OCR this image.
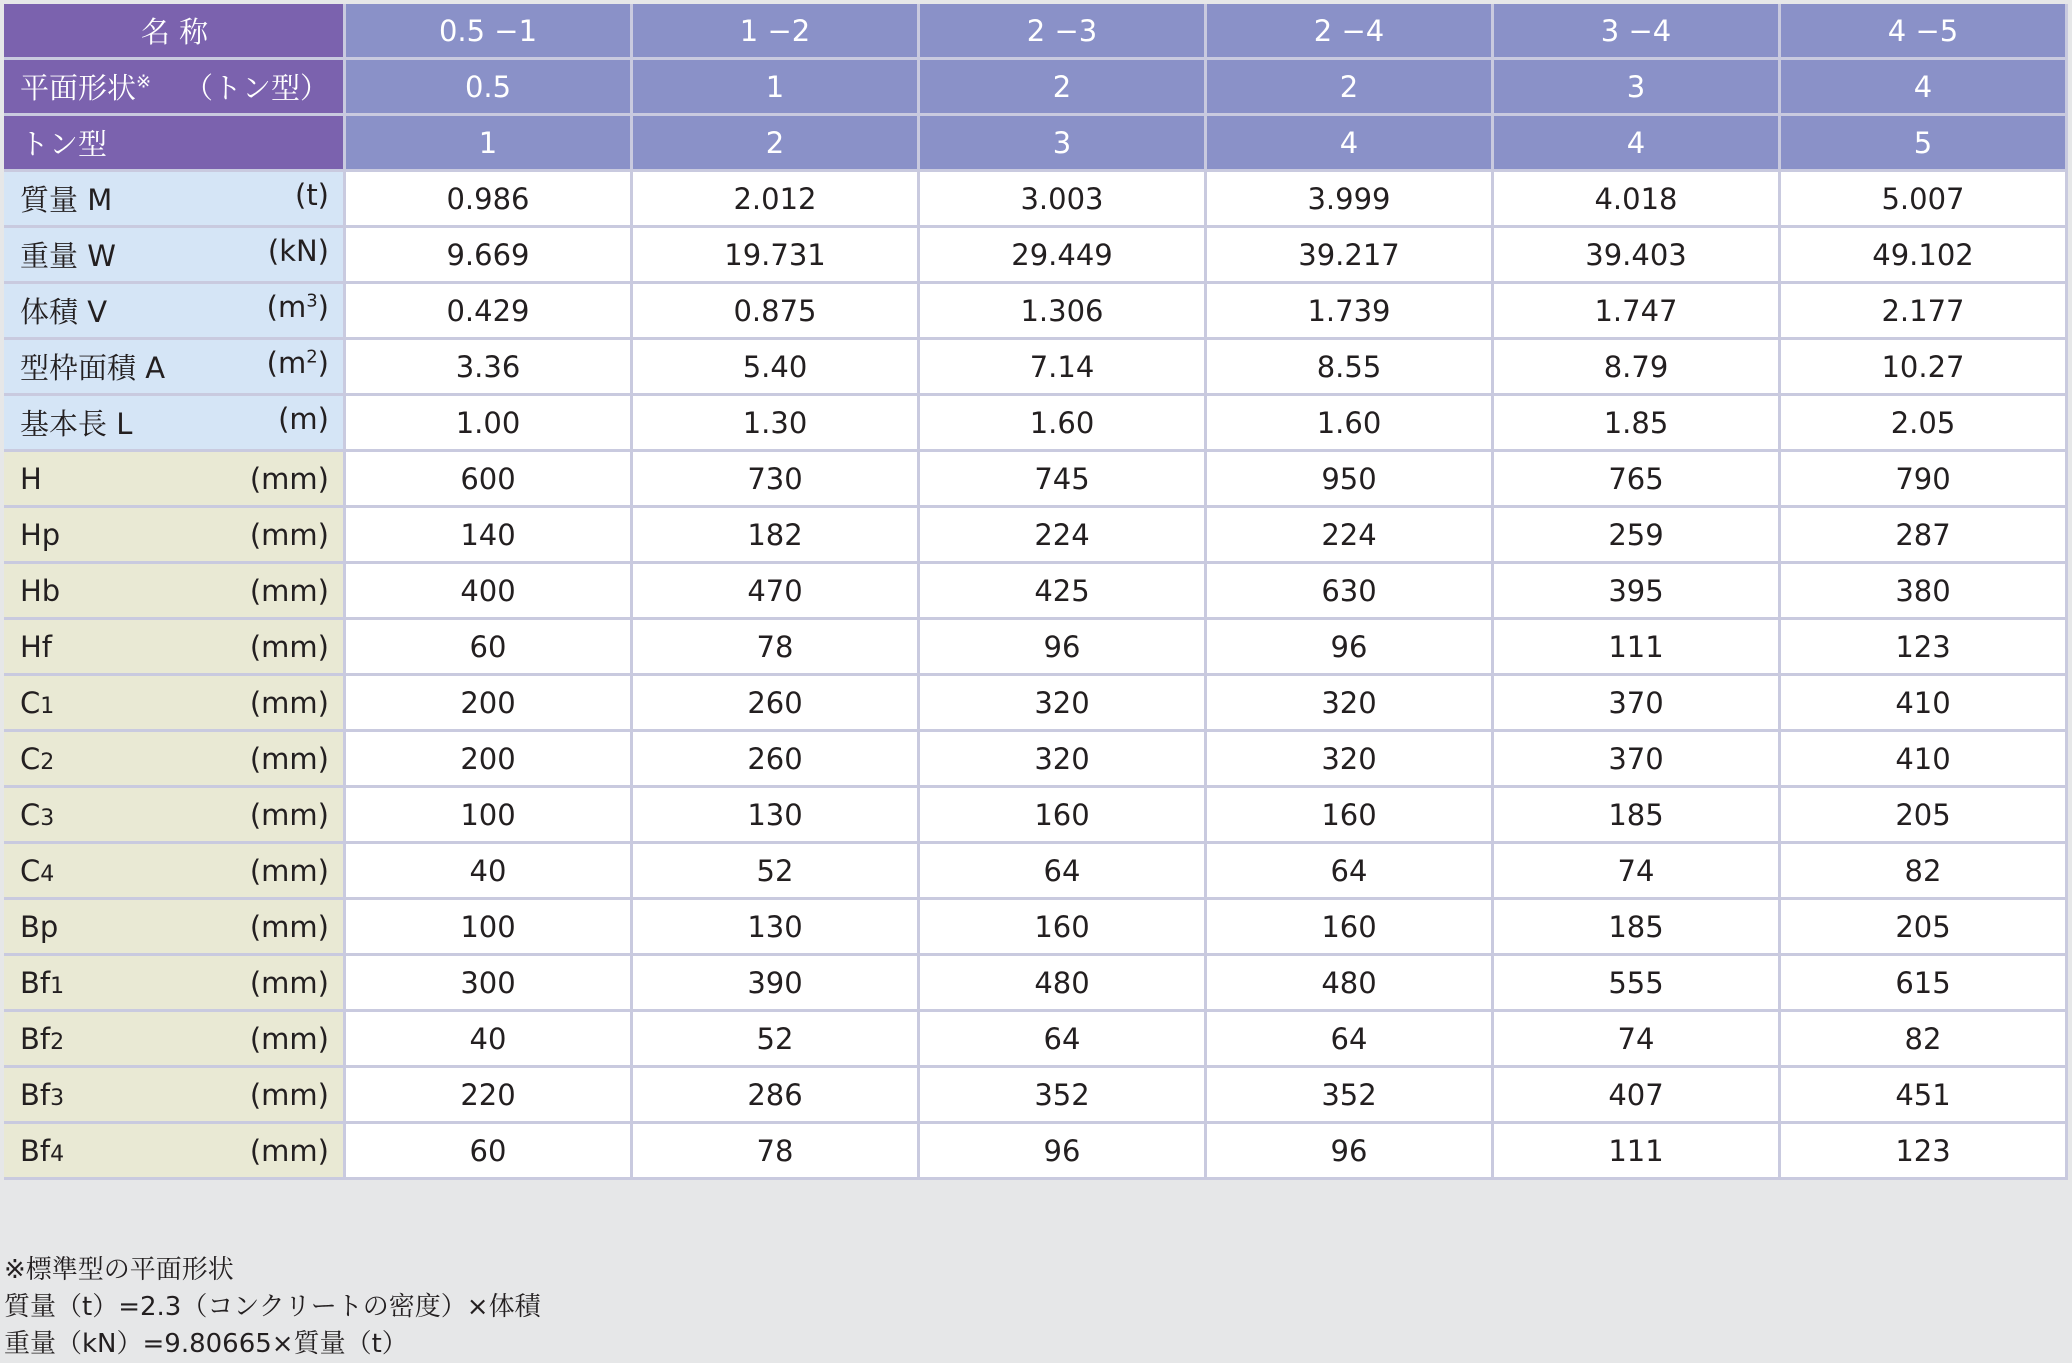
名 称	0.5 −1	1 −2	2 −3	2 −4	3 −4	4 −5

平面形状※ （トン型）	0.5	1	2	2	3	4

トン型	1	2	3	4	4	5

質量 M (t)	0.986	2.012	3.003	3.999	4.018	5.007

重量 W (kN)	9.669	19.731	29.449	39.217	39.403	49.102

体積 V $(m^3)$	0.429	0.875	1.306	1.739	1.747	2.177

型枠面積 A $(m^2)$	3.36	5.40	7.14	8.55	8.79	10.27

基本長 L (m)	1.00	1.30	1.60	1.60	1.85	2.05

H (mm)	600	730	745	950	765	790

Hp (mm)	140	182	224	224	259	287

Hb (mm)	400	470	425	630	395	380

Hf (mm)	60	78	96	96	111	123

C1 (mm)	200	260	320	320	370	410

C2 (mm)	200	260	320	320	370	410

C3 (mm)	100	130	160	160	185	205

C4 (mm)	40	52	64	64	74	82

Bp (mm)	100	130	160	160	185	205

Bf1 (mm)	300	390	480	480	555	615

Bf2 (mm)	40	52	64	64	74	82

Bf3 (mm)	220	286	352	352	407	451

Bf4 (mm)	60	78	96	96	111	123
※標準型の平面形状
質量（t）=2.3（コンクリートの密度）×体積
重量（kN）=9.80665×質量（t）
